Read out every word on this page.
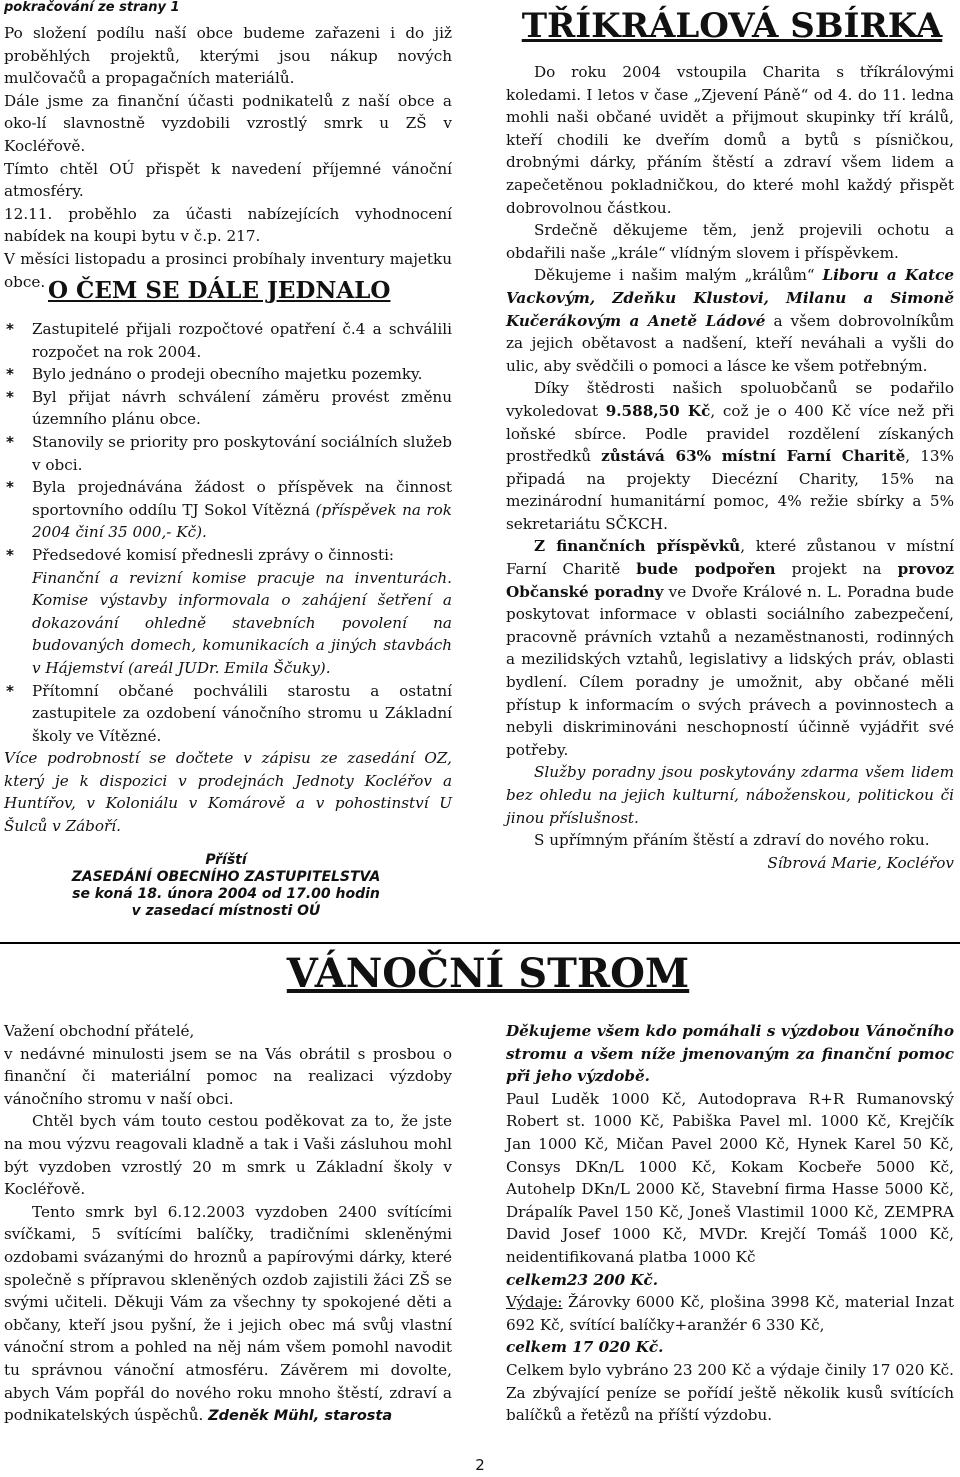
pokračování ze strany 1

Po složení podílu naší obce budeme zařazeni i do již proběhlých projektů, kterými jsou nákup nových mulčovačů a propagačních materiálů.

Dále jsme za finanční účasti podnikatelů z naší obce a oko-lí slavnostně vyzdobili vzrostlý smrk u ZŠ v Kocléřově.

Tímto chtěl OÚ přispět k navedení příjemné vánoční atmosféry.

12.11. proběhlo za účasti nabízejících vyhodnocení nabídek na koupi bytu v č.p. 217.

V měsíci listopadu a prosinci probíhaly inventury majetku obce. O ČEM SE DÁLE JEDNALO
* Zastupitelé přijali rozpočtové opatření č.4 a schválili rozpočet na rok 2004.
* Bylo jednáno o prodeji obecního majetku pozemky.
* Byl přijat návrh schválení záměru provést změnu územního plánu obce.
* Stanovily se priority pro poskytování sociálních služeb v obci.
* Byla projednávána žádost o příspěvek na činnost sportovního oddílu TJ Sokol Vítězná (příspěvek na rok 2004 činí 35 000,- Kč).
* Předsedové komisí přednesli zprávy o činnosti:
Finanční a revizní komise pracuje na inventurách. Komise výstavby informovala o zahájení šetření a dokazování ohledně stavebních povolení na budovaných domech, komunikacích a jiných stavbách v Hájemství (areál JUDr. Emila Ščuky).
* Přítomní občané pochválili starostu a ostatní zastupitele za ozdobení vánočního stromu u Základní školy ve Vítězné.

Více podrobností se dočtete v zápisu ze zasedání OZ, který je k dispozici v prodejnách Jednoty Kocléřov a Huntířov, v Koloniálu v Komárově a v pohostinství U Šulců v Záboří.

Příští
ZASEDÁNÍ OBECNÍHO ZASTUPITELSTVA
se koná 18. února 2004 od 17.00 hodin
v zasedací místnosti OÚ
TŘÍKRÁLOVÁ SBÍRKA

Do roku 2004 vstoupila Charita s tříkrálovými koledami. I letos v čase „Zjevení Páně“ od 4. do 11. ledna mohli naši občané uvidět a přijmout skupinky tří králů, kteří chodili ke dveřím domů a bytů s písničkou, drobnými dárky, přáním štěstí a zdraví všem lidem a zapečetěnou pokladničkou, do které mohl každý přispět dobrovolnou částkou.

Srdečně děkujeme těm, jenž projevili ochotu a obdařili naše „krále“ vlídným slovem i příspěvkem.

Děkujeme i našim malým „králům“ Liboru a Katce Vackovým, Zdeňku Klustovi, Milanu a Simoně Kučerákovým a Anetě Ládové a všem dobrovolníkům za jejich obětavost a nadšení, kteří neváhali a vyšli do ulic, aby svědčili o pomoci a lásce ke všem potřebným.

Díky štědrosti našich spoluobčanů se podařilo vykoledovat 9.588,50 Kč, což je o 400 Kč více než při loňské sbírce. Podle pravidel rozdělení získaných prostředků zůstává 63% místní Farní Charitě, 13% připadá na projekty Diecézní Charity, 15% na mezinárodní humanitární pomoc, 4% režie sbírky a 5% sekretariátu SČKCH.

Z finančních příspěvků, které zůstanou v místní Farní Charitě bude podpořen projekt na provoz Občanské poradny ve Dvoře Králové n. L. Poradna bude poskytovat informace v oblasti sociálního zabezpečení, pracovně právních vztahů a nezaměstnanosti, rodinných a mezilidských vztahů, legislativy a lidských práv, oblasti bydlení. Cílem poradny je umožnit, aby občané měli přístup k informacím o svých právech a povinnostech a nebyli diskriminováni neschopností účinně vyjádřit své potřeby.

Služby poradny jsou poskytovány zdarma všem lidem bez ohledu na jejich kulturní, náboženskou, politickou či jinou příslušnost.

S upřímným přáním štěstí a zdraví do nového roku.

Síbrová Marie, Kocléřov

VÁNOČNÍ STROM

Važení obchodní přátelé,

v nedávné minulosti jsem se na Vás obrátil s prosbou o finanční či materiální pomoc na realizaci výzdoby vánočního stromu v naší obci.

Chtěl bych vám touto cestou poděkovat za to, že jste na mou výzvu reagovali kladně a tak i Vaši zásluhou mohl být vyzdoben vzrostlý 20 m smrk u Základní školy v Kocléřově.

Tento smrk byl 6.12.2003 vyzdoben 2400 svítícími svíčkami, 5 svítícími balíčky, tradičními skleněnými ozdobami svázanými do hroznů a papírovými dárky, které společně s přípravou skleněných ozdob zajistili žáci ZŠ se svými učiteli. Děkuji Vám za všechny ty spokojené děti a občany, kteří jsou pyšní, že i jejich obec má svůj vlastní vánoční strom a pohled na něj nám všem pomohl navodit tu správnou vánoční atmosféru. Závěrem mi dovolte, abych Vám popřál do nového roku mnoho štěstí, zdraví a podnikatelských úspěchů. Zdeněk Mühl, starosta

Děkujeme všem kdo pomáhali s výzdobou Vánočního stromu a všem níže jmenovaným za finanční pomoc při jeho výzdobě.

Paul Luděk 1000 Kč, Autodoprava R+R Rumanovský Robert st. 1000 Kč, Pabiška Pavel ml. 1000 Kč, Krejčík Jan 1000 Kč, Mičan Pavel 2000 Kč, Hynek Karel 50 Kč, Consys DKn/L 1000 Kč, Kokam Kocbeře 5000 Kč, Autohelp DKn/L 2000 Kč, Stavební firma Hasse 5000 Kč, Drápalík Pavel 150 Kč, Joneš Vlastimil 1000 Kč, ZEMPRA David Josef 1000 Kč, MVDr. Krejčí Tomáš 1000 Kč, neidentifikovaná platba 1000 Kč

celkem23 200 Kč.

Výdaje: Žárovky 6000 Kč, plošina 3998 Kč, material Inzat 692 Kč, svítící balíčky+aranžér 6 330 Kč,

celkem 17 020 Kč.

Celkem bylo vybráno 23 200 Kč a výdaje činily 17 020 Kč. Za zbývající peníze se pořídí ještě několik kusů svítících balíčků a řetězů na příští výzdobu.

2
